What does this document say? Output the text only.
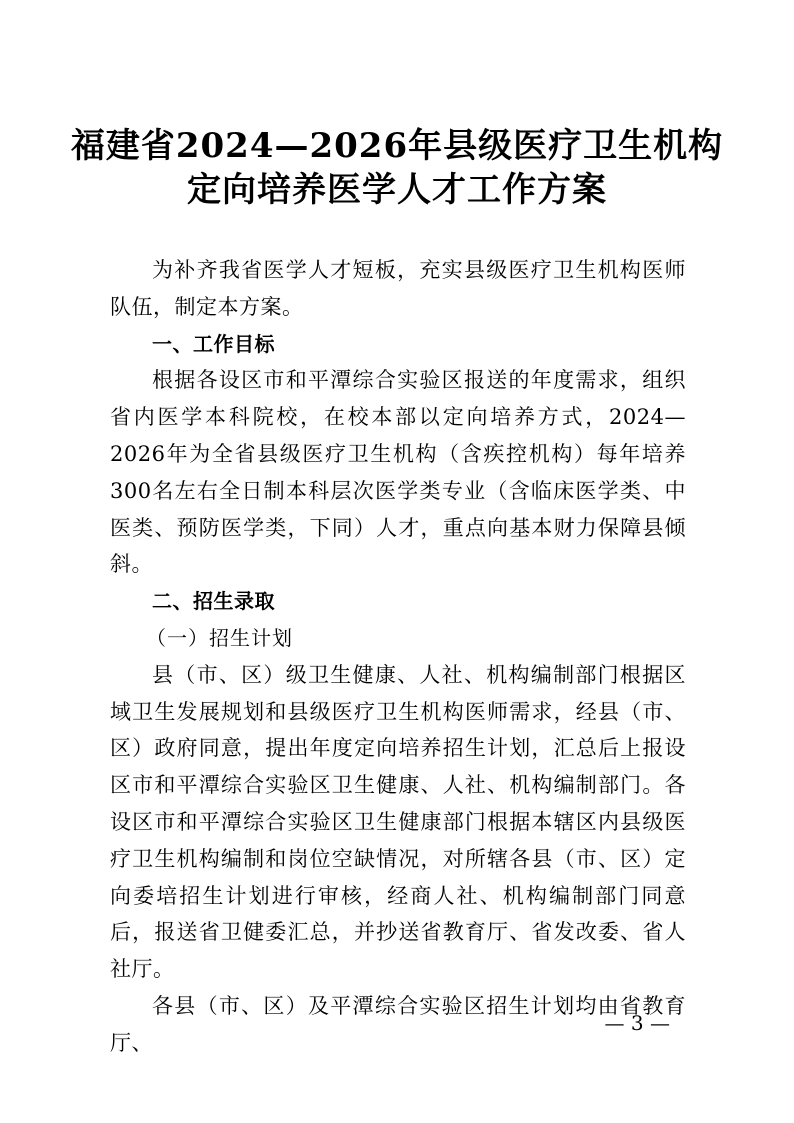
福建省2024—2026年县级医疗卫生机构
定向培养医学人才工作方案

为补齐我省医学人才短板，充实县级医疗卫生机构医师队伍，制定本方案。

一、工作目标

根据各设区市和平潭综合实验区报送的年度需求，组织省内医学本科院校，在校本部以定向培养方式，2024—2026年为全省县级医疗卫生机构（含疾控机构）每年培养300名左右全日制本科层次医学类专业（含临床医学类、中医类、预防医学类，下同）人才，重点向基本财力保障县倾斜。

二、招生录取

（一）招生计划

县（市、区）级卫生健康、人社、机构编制部门根据区域卫生发展规划和县级医疗卫生机构医师需求，经县（市、区）政府同意，提出年度定向培养招生计划，汇总后上报设区市和平潭综合实验区卫生健康、人社、机构编制部门。各设区市和平潭综合实验区卫生健康部门根据本辖区内县级医疗卫生机构编制和岗位空缺情况，对所辖各县（市、区）定向委培招生计划进行审核，经商人社、机构编制部门同意后，报送省卫健委汇总，并抄送省教育厅、省发改委、省人社厅。

各县（市、区）及平潭综合实验区招生计划均由省教育厅、

— 3 —
